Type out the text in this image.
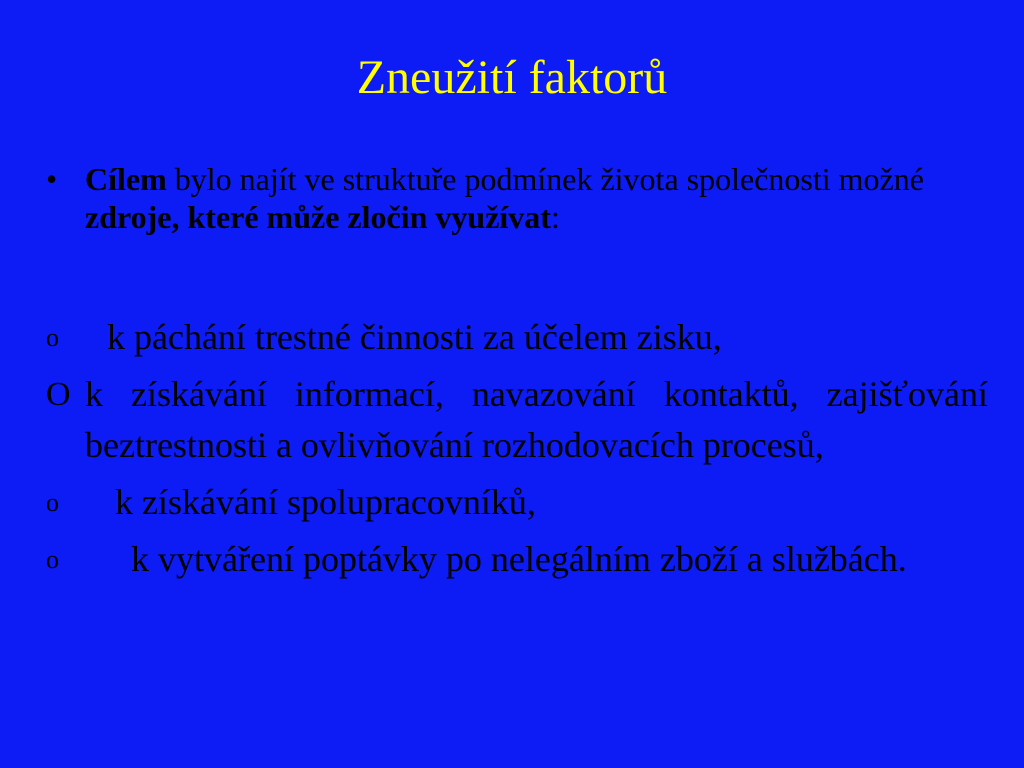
Zneužití faktorů
• Cílem bylo najít ve struktuře podmínek života společnosti možné zdroje, které může zločin využívat:
o k páchání trestné činnosti za účelem zisku,
O k získávání informací, navazování kontaktů, zajišťování beztrestnosti a ovlivňování rozhodovacích procesů,
o k získávání spolupracovníků,
o k vytváření poptávky po nelegálním zboží a službách.
